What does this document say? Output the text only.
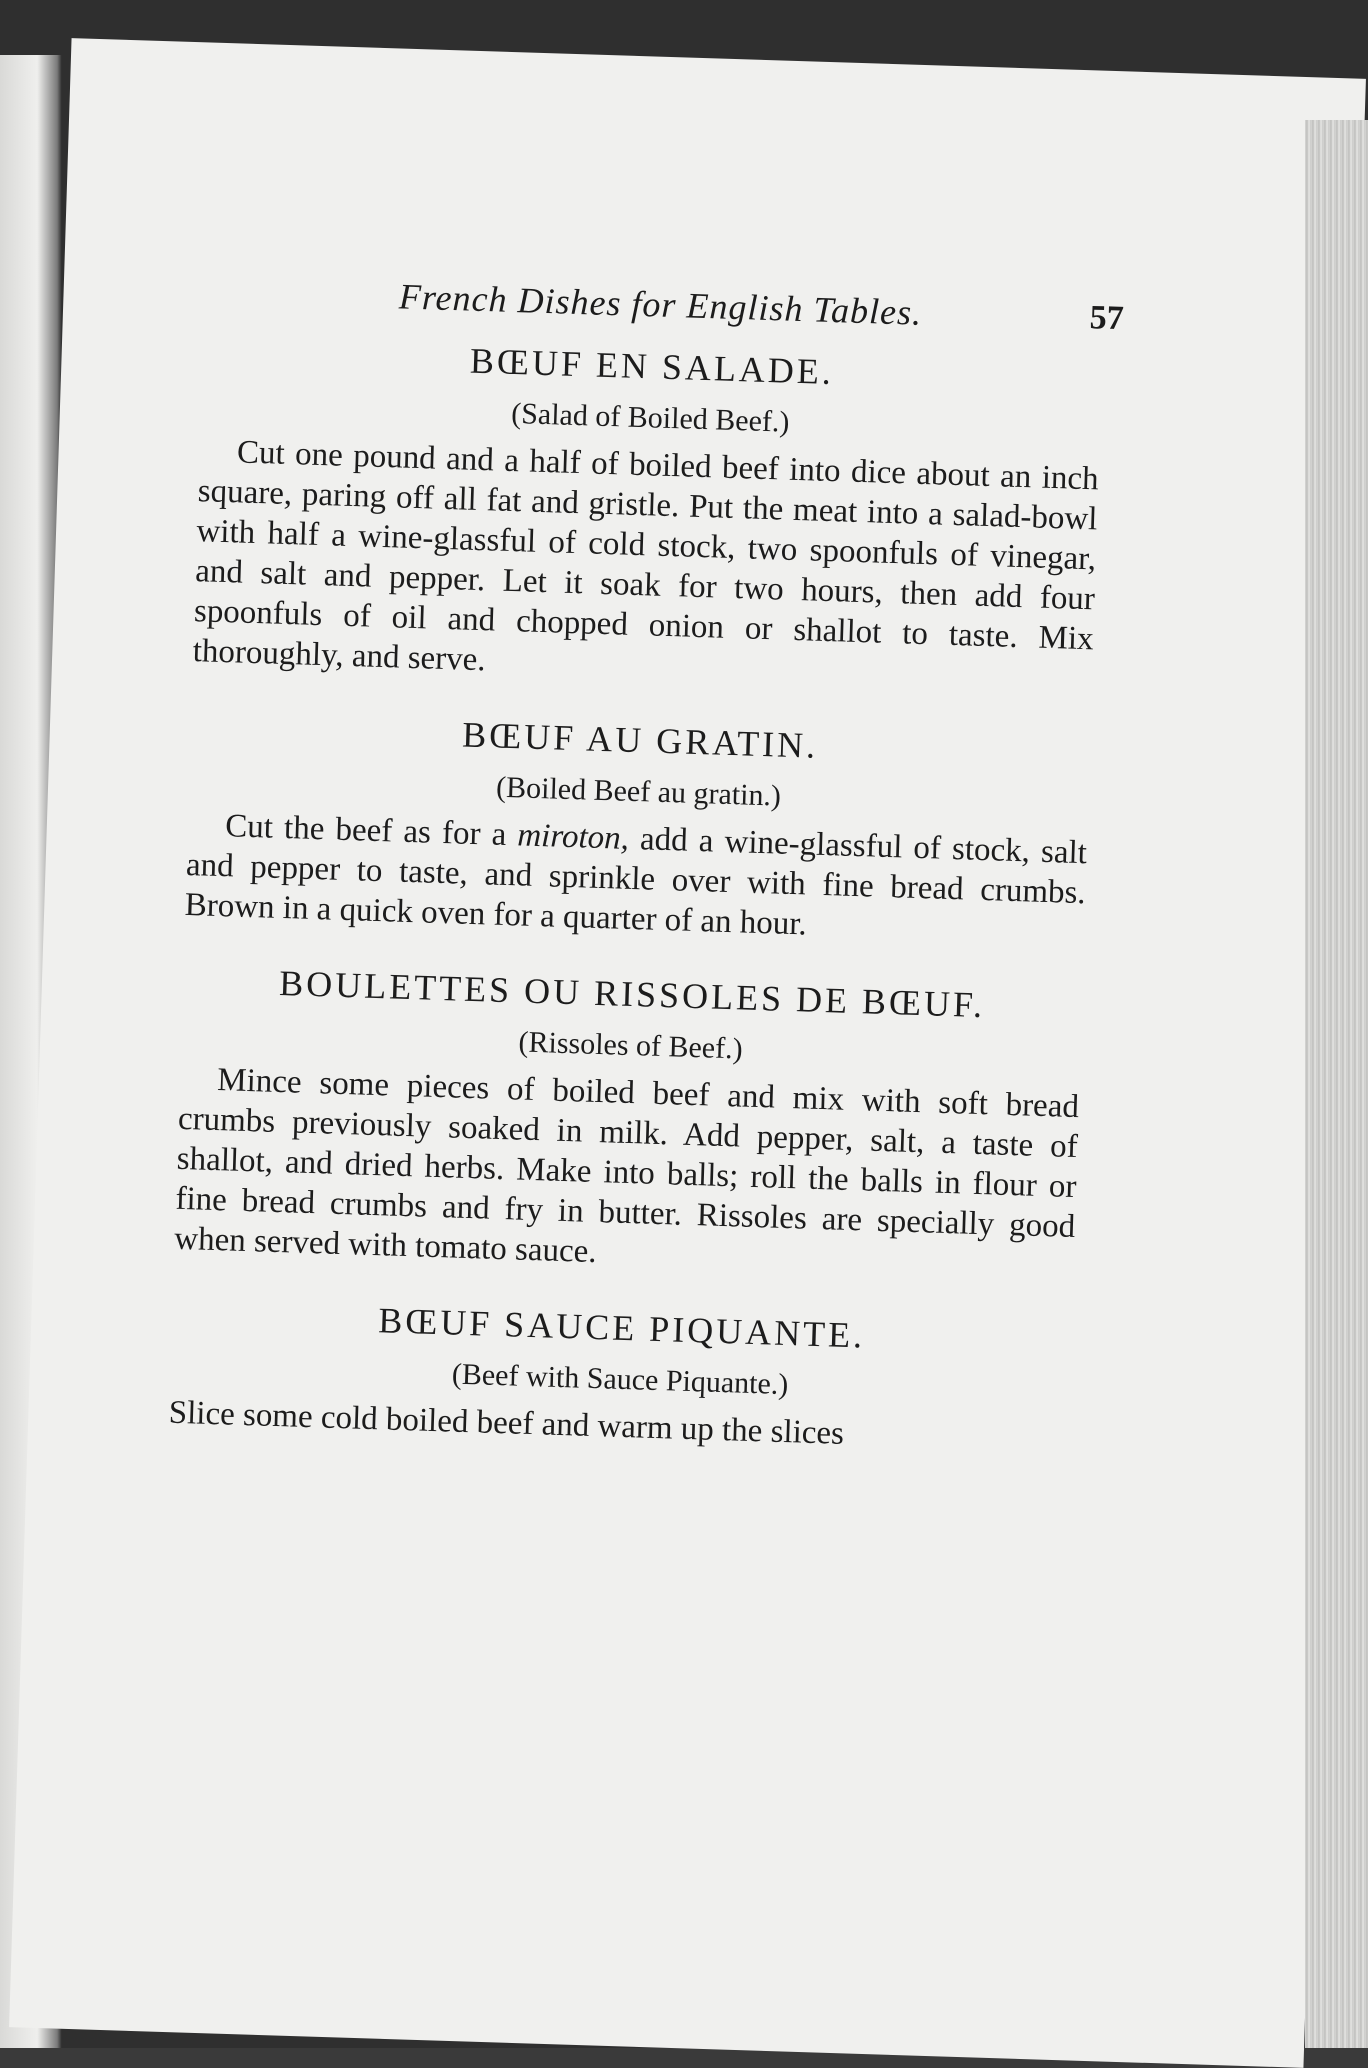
French Dishes for English Tables.	57
BŒUF EN SALADE.
(Salad of Boiled Beef.)

Cut one pound and a half of boiled beef into dice about an inch square, paring off all fat and gristle. Put the meat into a salad-bowl with half a wine-glassful of cold stock, two spoonfuls of vinegar, and salt and pepper. Let it soak for two hours, then add four spoonfuls of oil and chopped onion or shallot to taste. Mix thoroughly, and serve.

BŒUF AU GRATIN.
(Boiled Beef au gratin.)

Cut the beef as for a miroton, add a wine-glassful of stock, salt and pepper to taste, and sprinkle over with fine bread crumbs. Brown in a quick oven for a quarter of an hour.

BOULETTES OU RISSOLES DE BŒUF.
(Rissoles of Beef.)

Mince some pieces of boiled beef and mix with soft bread crumbs previously soaked in milk. Add pepper, salt, a taste of shallot, and dried herbs. Make into balls; roll the balls in flour or fine bread crumbs and fry in butter. Rissoles are specially good when served with tomato sauce.

BŒUF SAUCE PIQUANTE.
(Beef with Sauce Piquante.)

Slice some cold boiled beef and warm up the slices
